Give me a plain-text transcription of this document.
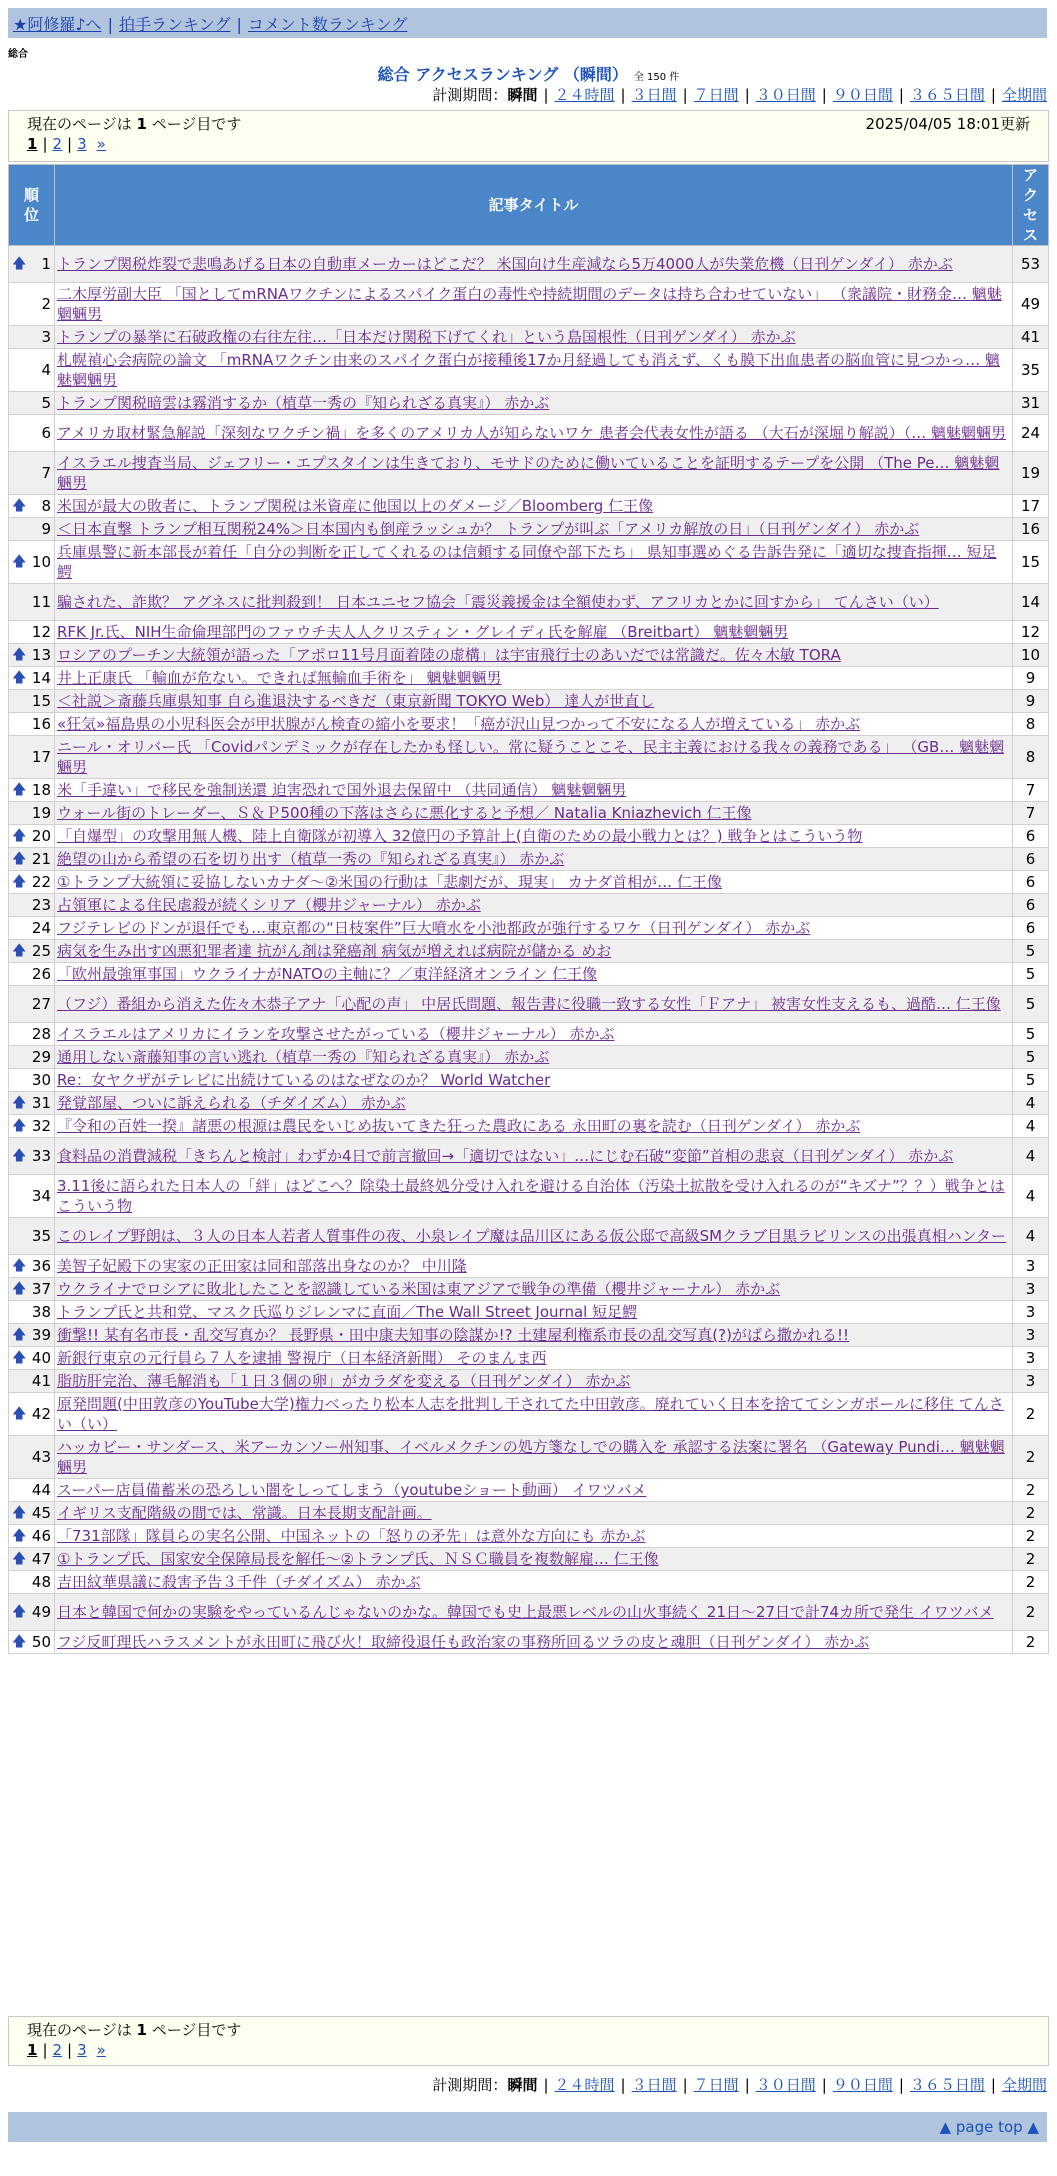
★阿修羅♪へ | 拍手ランキング | コメント数ランキング
総合
総合 アクセスランキング （瞬間） 全 150 件
計測期間：瞬間 | ２４時間 | ３日間 | ７日間 | ３０日間 | ９０日間 | ３６５日間 | 全期間
現在のページは 1 ページ目です	2025/04/05 18:01更新
1 | 2 | 3 »
順位	記事タイトル	アクセス

🡅 1	トランプ関税炸裂で悲鳴あげる日本の自動車メーカーはどこだ？ 米国向け生産減なら5万4000人が失業危機（日刊ゲンダイ） 赤かぶ	53
2	二木厚労副大臣 「国としてmRNAワクチンによるスパイク蛋白の毒性や持続期間のデータは持ち合わせていない」 （衆議院・財務金… 魑魅魍魎男	49
3	トランプの暴挙に石破政権の右往左往…「日本だけ関税下げてくれ」という島国根性（日刊ゲンダイ） 赤かぶ	41
4	札幌禎心会病院の論文 「mRNAワクチン由来のスパイク蛋白が接種後17か月経過しても消えず、くも膜下出血患者の脳血管に見つかっ… 魑魅魍魎男	35
5	トランプ関税暗雲は霧消するか（植草一秀の『知られざる真実』） 赤かぶ	31
6	アメリカ取材緊急解説「深刻なワクチン禍」を多くのアメリカ人が知らないワケ 患者会代表女性が語る （大石が深堀り解説）（… 魑魅魍魎男	24
7	イスラエル捜査当局、ジェフリー・エプスタインは生きており、モサドのために働いていることを証明するテープを公開 （The Pe… 魑魅魍魎男	19

🡅 8	米国が最大の敗者に、トランプ関税は米資産に他国以上のダメージ／Bloomberg 仁王像	17
9	＜日本直撃 トランプ相互関税24%＞日本国内も倒産ラッシュか？ トランプが叫ぶ「アメリカ解放の日」（日刊ゲンダイ） 赤かぶ	16

🡅 10	兵庫県警に新本部長が着任「自分の判断を正してくれるのは信頼する同僚や部下たち」 県知事選めぐる告訴告発に「適切な捜査指揮… 短足鰐	15
11	騙された、詐欺？ アグネスに批判殺到！ 日本ユニセフ協会「震災義援金は全額使わず、アフリカとかに回すから」 てんさい（い）	14
12	RFK Jr.氏、NIH生命倫理部門のファウチ夫人人クリスティン・グレイディ氏を解雇 （Breitbart） 魑魅魍魎男	12

🡅 13	ロシアのプーチン大統領が語った「アポロ11号月面着陸の虚構」は宇宙飛行士のあいだでは常識だ。佐々木敏 TORA	10

🡅 14	井上正康氏 「輸血が危ない。できれば無輸血手術を」 魑魅魍魎男	9
15	＜社説＞斎藤兵庫県知事 自ら進退決するべきだ（東京新聞 TOKYO Web） 達人が世直し	9
16	«狂気»福島県の小児科医会が甲状腺がん検査の縮小を要求！「癌が沢山見つかって不安になる人が増えている」 赤かぶ	8
17	ニール・オリバー氏 「Covidパンデミックが存在したかも怪しい。常に疑うことこそ、民主主義における我々の義務である」 （GB… 魑魅魍魎男	8

🡅 18	米「手違い」で移民を強制送還 迫害恐れで国外退去保留中 （共同通信） 魑魅魍魎男	7
19	ウォール街のトレーダー、Ｓ＆Ｐ500種の下落はさらに悪化すると予想／ Natalia Kniazhevich 仁王像	7

🡅 20	「自爆型」の攻撃用無人機、陸上自衛隊が初導入 32億円の予算計上(自衛のための最小戦力とは？) 戦争とはこういう物	6

🡅 21	絶望の山から希望の石を切り出す（植草一秀の『知られざる真実』） 赤かぶ	6

🡅 22	①トランプ大統領に妥協しないカナダ～②米国の行動は「悲劇だが、現実」 カナダ首相が… 仁王像	6
23	占領軍による住民虐殺が続くシリア（櫻井ジャーナル） 赤かぶ	6
24	フジテレビのドンが退任でも…東京都の“日枝案件”巨大噴水を小池都政が強行するワケ（日刊ゲンダイ） 赤かぶ	6

🡅 25	病気を生み出す凶悪犯罪者達 抗がん剤は発癌剤 病気が増えれば病院が儲かる めお	5
26	「欧州最強軍事国」ウクライナがNATOの主軸に？／東洋経済オンライン 仁王像	5
27	（フジ）番組から消えた佐々木恭子アナ「心配の声」 中居氏問題、報告書に役職一致する女性「Ｆアナ」 被害女性支えるも、過酷… 仁王像	5
28	イスラエルはアメリカにイランを攻撃させたがっている（櫻井ジャーナル） 赤かぶ	5
29	通用しない斎藤知事の言い逃れ（植草一秀の『知られざる真実』） 赤かぶ	5
30	Re：女ヤクザがテレビに出続けているのはなぜなのか？ World Watcher	5

🡅 31	発覚部屋、ついに訴えられる（チダイズム） 赤かぶ	4

🡅 32	『令和の百姓一揆』諸悪の根源は農民をいじめ抜いてきた狂った農政にある 永田町の裏を読む（日刊ゲンダイ） 赤かぶ	4

🡅 33	食料品の消費減税「きちんと検討」わずか4日で前言撤回→「適切ではない」…にじむ石破“変節”首相の悲哀（日刊ゲンダイ） 赤かぶ	4
34	3.11後に語られた日本人の「絆」はどこへ？除染土最終処分受け入れを避ける自治体（汚染土拡散を受け入れるのが“キズナ”？？）戦争とはこういう物	4
35	このレイプ野朗は、３人の日本人若者人質事件の夜、小泉レイプ魔は品川区にある仮公邸で高級SMクラブ目黒ラビリンスの出張真相ハンター	4

🡅 36	美智子妃殿下の実家の正田家は同和部落出身なのか？ 中川隆	3

🡅 37	ウクライナでロシアに敗北したことを認識している米国は東アジアで戦争の準備（櫻井ジャーナル） 赤かぶ	3
38	トランプ氏と共和党、マスク氏巡りジレンマに直面／The Wall Street Journal 短足鰐	3

🡅 39	衝撃!! 某有名市長・乱交写真か？ 長野県・田中康夫知事の陰謀か!? 土建屋利権系市長の乱交写真(?)がばら撒かれる!!	3

🡅 40	新銀行東京の元行員ら７人を逮捕 警視庁（日本経済新聞） そのまんま西	3
41	脂肪肝完治、薄毛解消も「１日３個の卵」がカラダを変える（日刊ゲンダイ） 赤かぶ	3

🡅 42	原発問題(中田敦彦のYouTube大学)権力べったり松本人志を批判し干されてた中田敦彦。廃れていく日本を捨ててシンガポールに移住 てんさい（い）	2
43	ハッカビー・サンダース、米アーカンソー州知事、イベルメクチンの処方箋なしでの購入を 承認する法案に署名 （Gateway Pundi… 魑魅魍魎男	2
44	スーパー店員備蓄米の恐ろしい闇をしってしまう（youtubeショート動画） イワツバメ	2

🡅 45	イギリス支配階級の間では、常識。日本長期支配計画。	2

🡅 46	「731部隊」隊員らの実名公開、中国ネットの「怒りの矛先」は意外な方向にも 赤かぶ	2

🡅 47	①トランプ氏、国家安全保障局長を解任～②トランプ氏、ＮＳＣ職員を複数解雇… 仁王像	2
48	吉田紋華県議に殺害予告３千件（チダイズム） 赤かぶ	2

🡅 49	日本と韓国で何かの実験をやっているんじゃないのかな。韓国でも史上最悪レベルの山火事続く 21日〜27日で計74カ所で発生 イワツバメ	2

🡅 50	フジ反町理氏ハラスメントが永田町に飛び火！取締役退任も政治家の事務所回るツラの皮と魂胆（日刊ゲンダイ） 赤かぶ	2
現在のページは 1 ページ目です
1 | 2 | 3 »
計測期間：瞬間 | ２４時間 | ３日間 | ７日間 | ３０日間 | ９０日間 | ３６５日間 | 全期間
▲ page top ▲
